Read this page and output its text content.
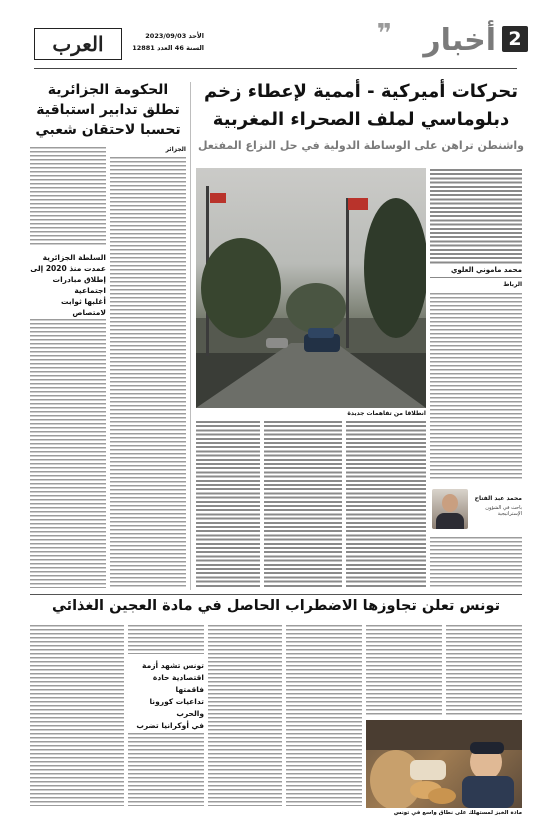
2
أخبار
❞
العرب	الأحد 2023/09/03
السنة 46 العدد 12881
تحركات أميركية - أممية لإعطاء زخم
دبلوماسي لملف الصحراء المغربية
واشنطن تراهن على الوساطة الدولية في حل النزاع المفتعل
محمد ماموني العلوي
الرباط
محمد عبد الفتاح
باحث في الشؤون الإستراتيجية
انطلاقا من تفاهمات جديدة
الحكومة الجزائرية
تطلق تدابير استباقية
تحسبا لاحتقان شعبي
الجزائر
السلطة الجزائرية
عمدت منذ 2020 إلى
إطلاق مبادرات اجتماعية
أغلبها ثوابت لامتصاص
تونس تعلن تجاوزها الاضطراب الحاصل في مادة العجين الغذائي
تونس تشهد أزمة
اقتصادية حادة فاقمتها
تداعيات كورونا والحرب
في أوكرانيا تضرب
مادة الخبز لمستهلك على نطاق واسع في تونس
